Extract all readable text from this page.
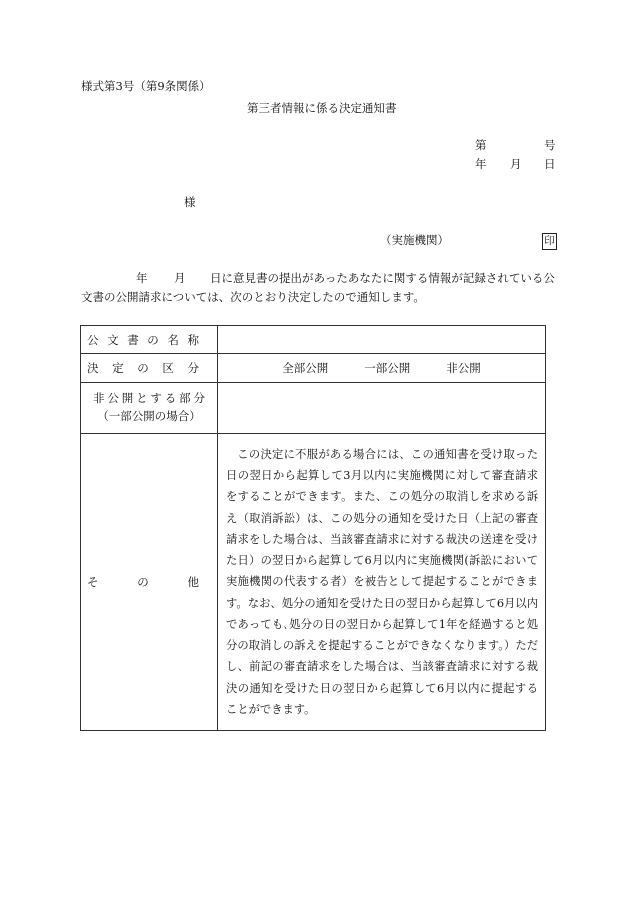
様式第3号（第9条関係）
第三者情報に係る決定通知書
第	号
年 月 日
様
（実施機関）	印
年 月 日に意見書の提出があったあなたに関する情報が記録されている公
文書の公開請求については、次のとおり決定したので通知します。
公文書の名称	
決定の区分	全部公開 一部公開 非公開

非公開とする部分
（一部公開の場合）	

その他	この決定に不服がある場合には、この通知書を受け取った日の翌日から起算して3月以内に実施機関に対して審査請求をすることができます。また、この処分の取消しを求める訴え（取消訴訟）は、この処分の通知を受けた日（上記の審査請求をした場合は、当該審査請求に対する裁決の送達を受けた日）の翌日から起算して6月以内に実施機関(訴訟において実施機関の代表する者）を被告として提起することができます。なお、処分の通知を受けた日の翌日から起算して6月以内であっても､処分の日の翌日から起算して1年を経過すると処分の取消しの訴えを提起することができなくなります。）ただし、前記の審査請求をした場合は、当該審査請求に対する裁決の通知を受けた日の翌日から起算して6月以内に提起することができます。
